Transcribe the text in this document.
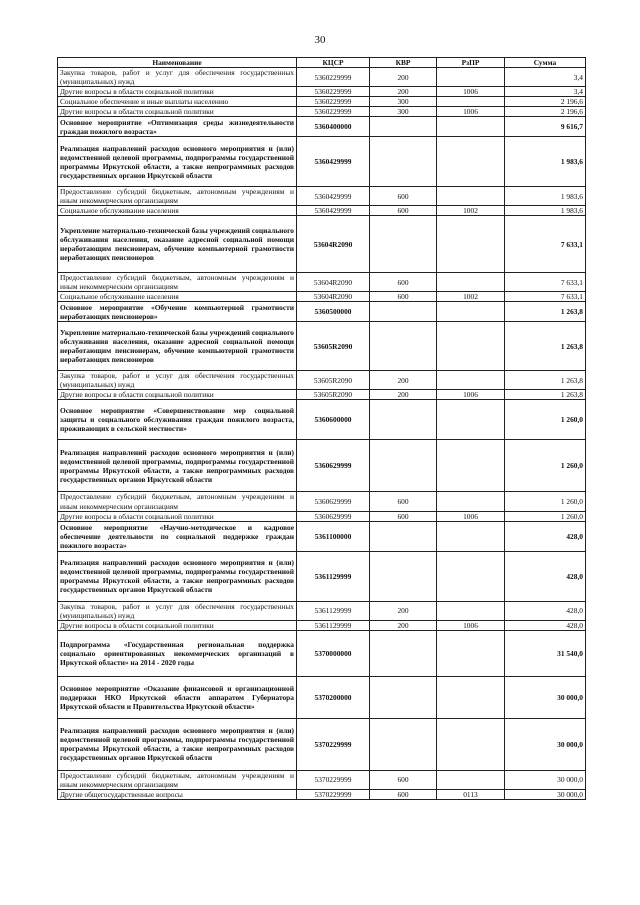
30
Наименование	КЦСР	КВР	РзПР	Сумма
Закупка товаров, работ и услуг для обеспечения государственных (муниципальных) нужд	5360229999	200		3,4
Другие вопросы в области социальной политики	5360229999	200	1006	3,4
Социальное обеспечение и иные выплаты населению	5360229999	300		2 196,6
Другие вопросы в области социальной политики	5360229999	300	1006	2 196,6
Основное мероприятие «Оптимизация среды жизнедеятельности граждан пожилого возраста»	5360400000			9 616,7
Реализация направлений расходов основного мероприятия и (или) ведомственной целевой программы, подпрограммы государственной программы Иркутской области, а также непрограммных расходов государственных органов Иркутской области	5360429999			1 983,6
Предоставление субсидий бюджетным, автономным учреждениям и иным некоммерческим организациям	5360429999	600		1 983,6
Социальное обслуживание населения	5360429999	600	1002	1 983,6
Укрепление материально-технической базы учреждений социального обслуживания населения, оказание адресной социальной помощи неработающим пенсионерам, обучение компьютерной грамотности неработающих пенсионеров	53604R2090			7 633,1
Предоставление субсидий бюджетным, автономным учреждениям и иным некоммерческим организациям	53604R2090	600		7 633,1
Социальное обслуживание населения	53604R2090	600	1002	7 633,1
Основное мероприятие «Обучение компьютерной грамотности неработающих пенсионеров»	5360500000			1 263,8
Укрепление материально-технической базы учреждений социального обслуживания населения, оказание адресной социальной помощи неработающим пенсионерам, обучение компьютерной грамотности неработающих пенсионеров	53605R2090			1 263,8
Закупка товаров, работ и услуг для обеспечения государственных (муниципальных) нужд	53605R2090	200		1 263,8
Другие вопросы в области социальной политики	53605R2090	200	1006	1 263,8
Основное мероприятие «Совершенствование мер социальной защиты и социального обслуживания граждан пожилого возраста, проживающих в сельской местности»	5360600000			1 260,0
Реализация направлений расходов основного мероприятия и (или) ведомственной целевой программы, подпрограммы государственной программы Иркутской области, а также непрограммных расходов государственных органов Иркутской области	5360629999			1 260,0
Предоставление субсидий бюджетным, автономным учреждениям и иным некоммерческим организациям	5360629999	600		1 260,0
Другие вопросы в области социальной политики	5360629999	600	1006	1 260,0
Основное мероприятие «Научно-методическое и кадровое обеспечение деятельности по социальной поддержке граждан пожилого возраста»	5361100000			428,0
Реализация направлений расходов основного мероприятия и (или) ведомственной целевой программы, подпрограммы государственной программы Иркутской области, а также непрограммных расходов государственных органов Иркутской области	5361129999			428,0
Закупка товаров, работ и услуг для обеспечения государственных (муниципальных) нужд	5361129999	200		428,0
Другие вопросы в области социальной политики	5361129999	200	1006	428,0
Подпрограмма «Государственная региональная поддержка социально ориентированных некоммерческих организаций в Иркутской области» на 2014 - 2020 годы	5370000000			31 540,0
Основное мероприятие «Оказание финансовой и организационной поддержки НКО Иркутской области аппаратом Губернатора Иркутской области и Правительства Иркутской области»	5370200000			30 000,0
Реализация направлений расходов основного мероприятия и (или) ведомственной целевой программы, подпрограммы государственной программы Иркутской области, а также непрограммных расходов государственных органов Иркутской области	5370229999			30 000,0
Предоставление субсидий бюджетным, автономным учреждениям и иным некоммерческим организациям	5370229999	600		30 000,0
Другие общегосударственные вопросы	5370229999	600	0113	30 000,0
